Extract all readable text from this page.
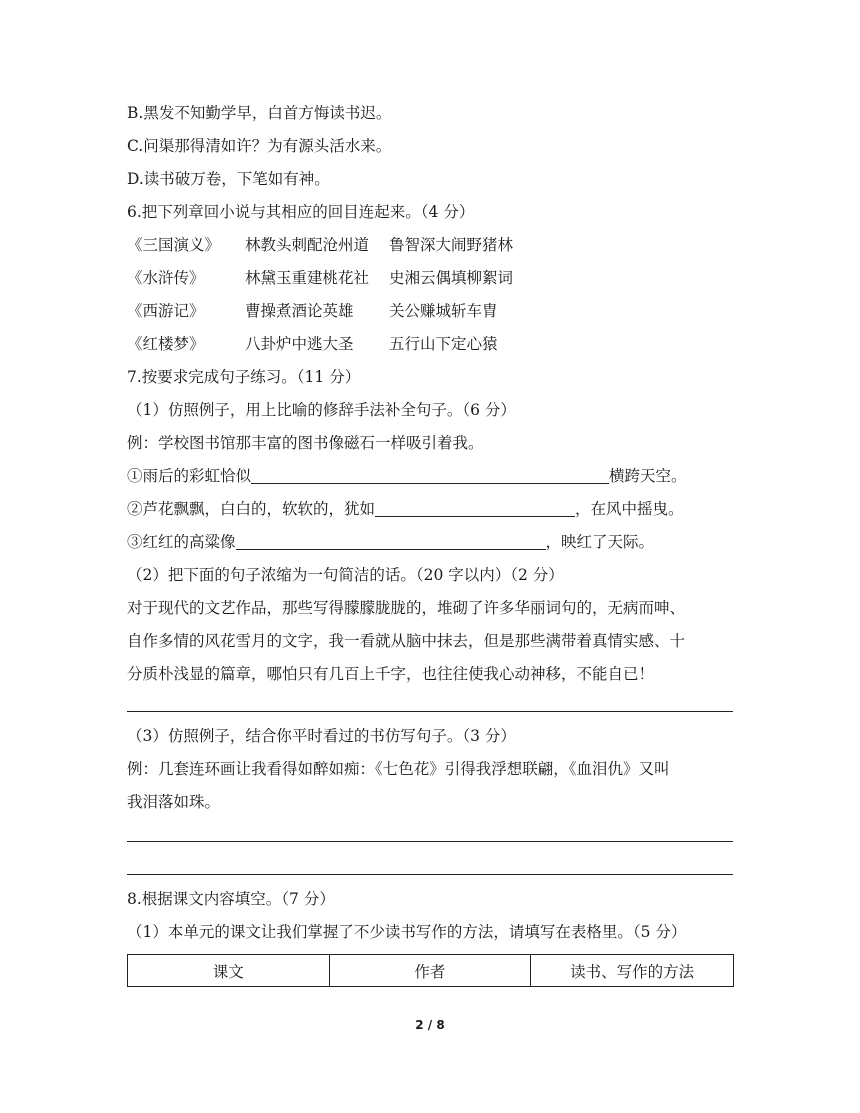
B.黑发不知勤学早，白首方悔读书迟。
C.问渠那得清如许？为有源头活水来。
D.读书破万卷，下笔如有神。
6.把下列章回小说与其相应的回目连起来。（4 分）
《三国演义》 林教头刺配沧州道 鲁智深大闹野猪林
《水浒传》	林黛玉重建桃花社 史湘云偶填柳絮词
《西游记》	曹操煮酒论英雄 关公赚城斩车胄
《红楼梦》	八卦炉中逃大圣 五行山下定心猿
7.按要求完成句子练习。（11 分）
（1）仿照例子，用上比喻的修辞手法补全句子。（6 分）
例：学校图书馆那丰富的图书像磁石一样吸引着我。
①雨后的彩虹恰似	横跨天空。
②芦花飘飘，白白的，软软的，犹如	，在风中摇曳。
③红红的高粱像	，映红了天际。
（2）把下面的句子浓缩为一句简洁的话。（20 字以内）（2 分）
对于现代的文艺作品，那些写得朦朦胧胧的，堆砌了许多华丽词句的，无病而呻、
自作多情的风花雪月的文字，我一看就从脑中抹去，但是那些满带着真情实感、十
分质朴浅显的篇章，哪怕只有几百上千字，也往往使我心动神移，不能自已！
（3）仿照例子，结合你平时看过的书仿写句子。（3 分）
例：几套连环画让我看得如醉如痴：《七色花》引得我浮想联翩，《血泪仇》又叫
我泪落如珠。
8.根据课文内容填空。（7 分）
（1）本单元的课文让我们掌握了不少读书写作的方法，请填写在表格里。（5 分）
课文	作者	读书、写作的方法
2 / 8
